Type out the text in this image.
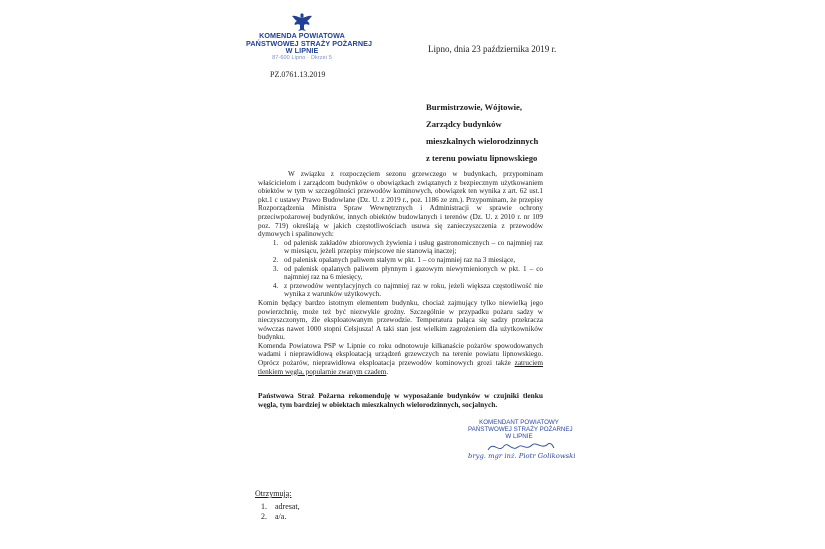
KOMENDA POWIATOWA
PAŃSTWOWEJ STRAŻY POŻARNEJ
W LIPNIE
87-600 Lipno · Okrzei 5
Lipno, dnia 23 października 2019 r.
PZ.0761.13.2019
Burmistrzowie, Wójtowie,
Zarządcy budynków
mieszkalnych wielorodzinnych
z terenu powiatu lipnowskiego

W związku z rozpoczęciem sezonu grzewczego w budynkach, przypominam właścicielom i zarządcom budynków o obowiązkach związanych z bezpiecznym użytkowaniem obiektów w tym w szczególności przewodów kominowych, obowiązek ten wynika z art. 62 ust.1 pkt.1 c ustawy Prawo Budowlane (Dz. U. z 2019 r., poz. 1186 ze zm.). Przypominam, że przepisy Rozporządzenia Ministra Spraw Wewnętrznych i Administracji w sprawie ochrony przeciwpożarowej budynków, innych obiektów budowlanych i terenów (Dz. U. z 2010 r. nr 109 poz. 719) określają w jakich częstotliwościach usuwa się zanieczyszczenia z przewodów dymowych i spalinowych:

1. od palenisk zakładów zbiorowych żywienia i usług gastronomicznych – co najmniej raz w miesiącu, jeżeli przepisy miejscowe nie stanowią inaczej;
2. od palenisk opalanych paliwem stałym w pkt. 1 – co najmniej raz na 3 miesiące,
3. od palenisk opalanych paliwem płynnym i gazowym niewymienionych w pkt. 1 – co najmniej raz na 6 miesięcy,
4. z przewodów wentylacyjnych co najmniej raz w roku, jeżeli większa częstotliwość nie wynika z warunków użytkowych.

Komin będący bardzo istotnym elementem budynku, chociaż zajmujący tylko niewielką jego powierzchnię, może też być niezwykle groźny. Szczególnie w przypadku pożaru sadzy w nieczyszczonym, źle eksploatowanym przewodzie. Temperatura paląca się sadzy przekracza wówczas nawet 1000 stopni Celsjusza! A taki stan jest wielkim zagrożeniem dla użytkowników budynku.

Komenda Powiatowa PSP w Lipnie co roku odnotowuje kilkanaście pożarów spowodowanych wadami i nieprawidłową eksploatacją urządzeń grzewczych na terenie powiatu lipnowskiego. Oprócz pożarów, nieprawidłowa eksploatacja przewodów kominowych grozi także zatruciem tlenkiem węgla, popularnie zwanym czadem.

Państwowa Straż Pożarna rekomenduję w wyposażanie budynków w czujniki tlenku węgla, tym bardziej w obiektach mieszkalnych wielorodzinnych, socjalnych.
KOMENDANT POWIATOWY
PAŃSTWOWEJ STRAŻY POŻARNEJ
W LIPNIE
bryg. mgr inż. Piotr Golikowski
Otrzymują:
1. adresat,
2. a/a.
